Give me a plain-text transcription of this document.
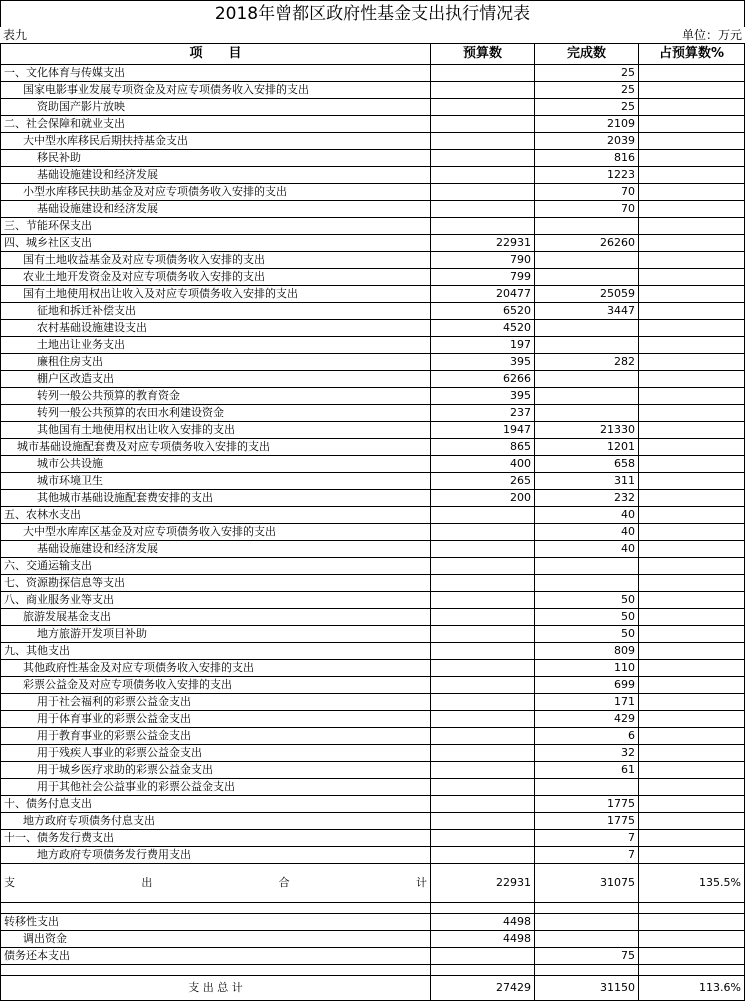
2018年曾都区政府性基金支出执行情况表
表九	单位：万元
项　　目	预算数	完成数	占预算数%
一、文化体育与传媒支出		25	
国家电影事业发展专项资金及对应专项债务收入安排的支出		25	
资助国产影片放映		25	
二、社会保障和就业支出		2109	
大中型水库移民后期扶持基金支出		2039	
移民补助		816	
基础设施建设和经济发展		1223	
小型水库移民扶助基金及对应专项债务收入安排的支出		70	
基础设施建设和经济发展		70	
三、节能环保支出			
四、城乡社区支出	22931	26260	
国有土地收益基金及对应专项债务收入安排的支出	790		
农业土地开发资金及对应专项债务收入安排的支出	799		
国有土地使用权出让收入及对应专项债务收入安排的支出	20477	25059	
征地和拆迁补偿支出	6520	3447	
农村基础设施建设支出	4520		
土地出让业务支出	197		
廉租住房支出	395	282	
棚户区改造支出	6266		
转列一般公共预算的教育资金	395		
转列一般公共预算的农田水利建设资金	237		
其他国有土地使用权出让收入安排的支出	1947	21330	
城市基础设施配套费及对应专项债务收入安排的支出	865	1201	
城市公共设施	400	658	
城市环境卫生	265	311	
其他城市基础设施配套费安排的支出	200	232	
五、农林水支出		40	
大中型水库库区基金及对应专项债务收入安排的支出		40	
基础设施建设和经济发展		40	
六、交通运输支出			
七、资源勘探信息等支出			
八、商业服务业等支出		50	
旅游发展基金支出		50	
地方旅游开发项目补助		50	
九、其他支出		809	
其他政府性基金及对应专项债务收入安排的支出		110	
彩票公益金及对应专项债务收入安排的支出		699	
用于社会福利的彩票公益金支出		171	
用于体育事业的彩票公益金支出		429	
用于教育事业的彩票公益金支出		6	
用于残疾人事业的彩票公益金支出		32	
用于城乡医疗求助的彩票公益金支出		61	
用于其他社会公益事业的彩票公益金支出			
十、债务付息支出		1775	
地方政府专项债务付息支出		1775	
十一、债务发行费支出		7	
地方政府专项债务发行费用支出		7	

支 出 合 计	22931	31075	135.5%

转移性支出	4498		
调出资金	4498		
债务还本支出		75	

支 出 总 计	27429	31150	113.6%
